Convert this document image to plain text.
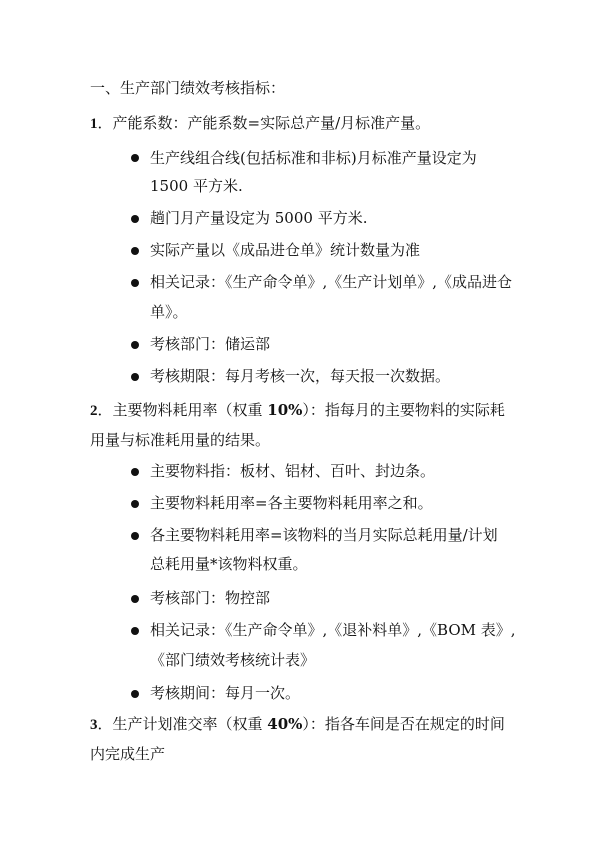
一、生产部门绩效考核指标：
1．产能系数：产能系数=实际总产量/月标准产量。
生产线组合线(包括标准和非标)月标准产量设定为
1500 平方米.
趟门月产量设定为 5000 平方米.
实际产量以《成品进仓单》统计数量为准
相关记录：《生产命令单》,《生产计划单》,《成品进仓
单》。
考核部门：储运部
考核期限：每月考核一次，每天报一次数据。
2．主要物料耗用率（权重 10%）：指每月的主要物料的实际耗
用量与标准耗用量的结果。
主要物料指：板材、铝材、百叶、封边条。
主要物料耗用率=各主要物料耗用率之和。
各主要物料耗用率=该物料的当月实际总耗用量/计划
总耗用量*该物料权重。
考核部门：物控部
相关记录：《生产命令单》,《退补料单》,《BOM 表》,
《部门绩效考核统计表》
考核期间：每月一次。
3．生产计划准交率（权重 40%）：指各车间是否在规定的时间
内完成生产
